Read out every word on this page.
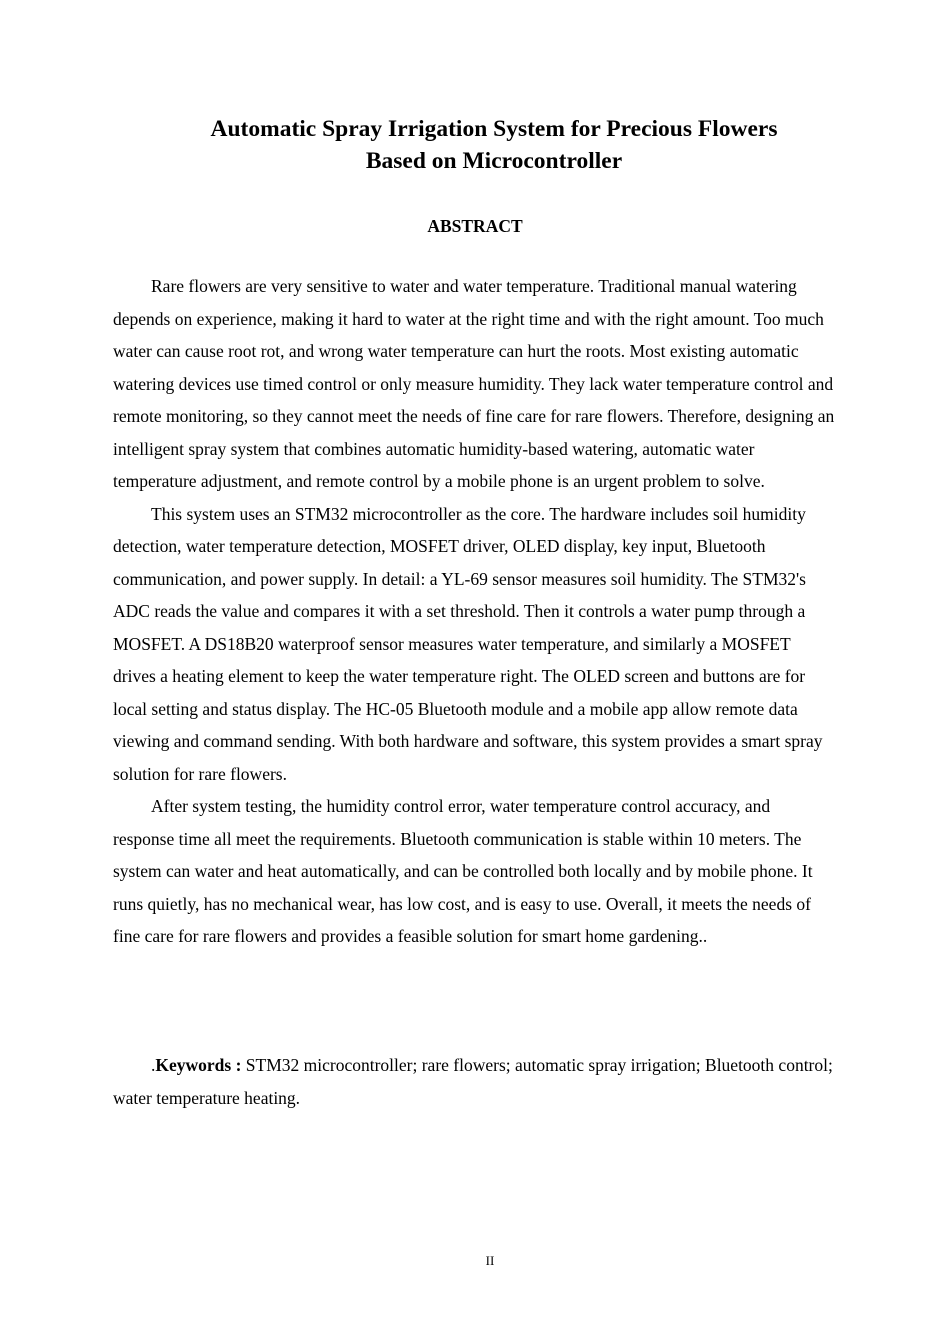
Automatic Spray Irrigation System for Precious Flowers
Based on Microcontroller
ABSTRACT

Rare flowers are very sensitive to water and water temperature. Traditional manual watering depends on experience, making it hard to water at the right time and with the right amount. Too much water can cause root rot, and wrong water temperature can hurt the roots. Most existing automatic watering devices use timed control or only measure humidity. They lack water temperature control and remote monitoring, so they cannot meet the needs of fine care for rare flowers. Therefore, designing an intelligent spray system that combines automatic humidity-based watering, automatic water temperature adjustment, and remote control by a mobile phone is an urgent problem to solve.

This system uses an STM32 microcontroller as the core. The hardware includes soil humidity detection, water temperature detection, MOSFET driver, OLED display, key input, Bluetooth communication, and power supply. In detail: a YL-69 sensor measures soil humidity. The STM32's ADC reads the value and compares it with a set threshold. Then it controls a water pump through a MOSFET. A DS18B20 waterproof sensor measures water temperature, and similarly a MOSFET drives a heating element to keep the water temperature right. The OLED screen and buttons are for local setting and status display. The HC-05 Bluetooth module and a mobile app allow remote data viewing and command sending. With both hardware and software, this system provides a smart spray solution for rare flowers.

After system testing, the humidity control error, water temperature control accuracy, and response time all meet the requirements. Bluetooth communication is stable within 10 meters. The system can water and heat automatically, and can be controlled both locally and by mobile phone. It runs quietly, has no mechanical wear, has low cost, and is easy to use. Overall, it meets the needs of fine care for rare flowers and provides a feasible solution for smart home gardening..

.Keywords : STM32 microcontroller; rare flowers; automatic spray irrigation; Bluetooth control; water temperature heating.

II
